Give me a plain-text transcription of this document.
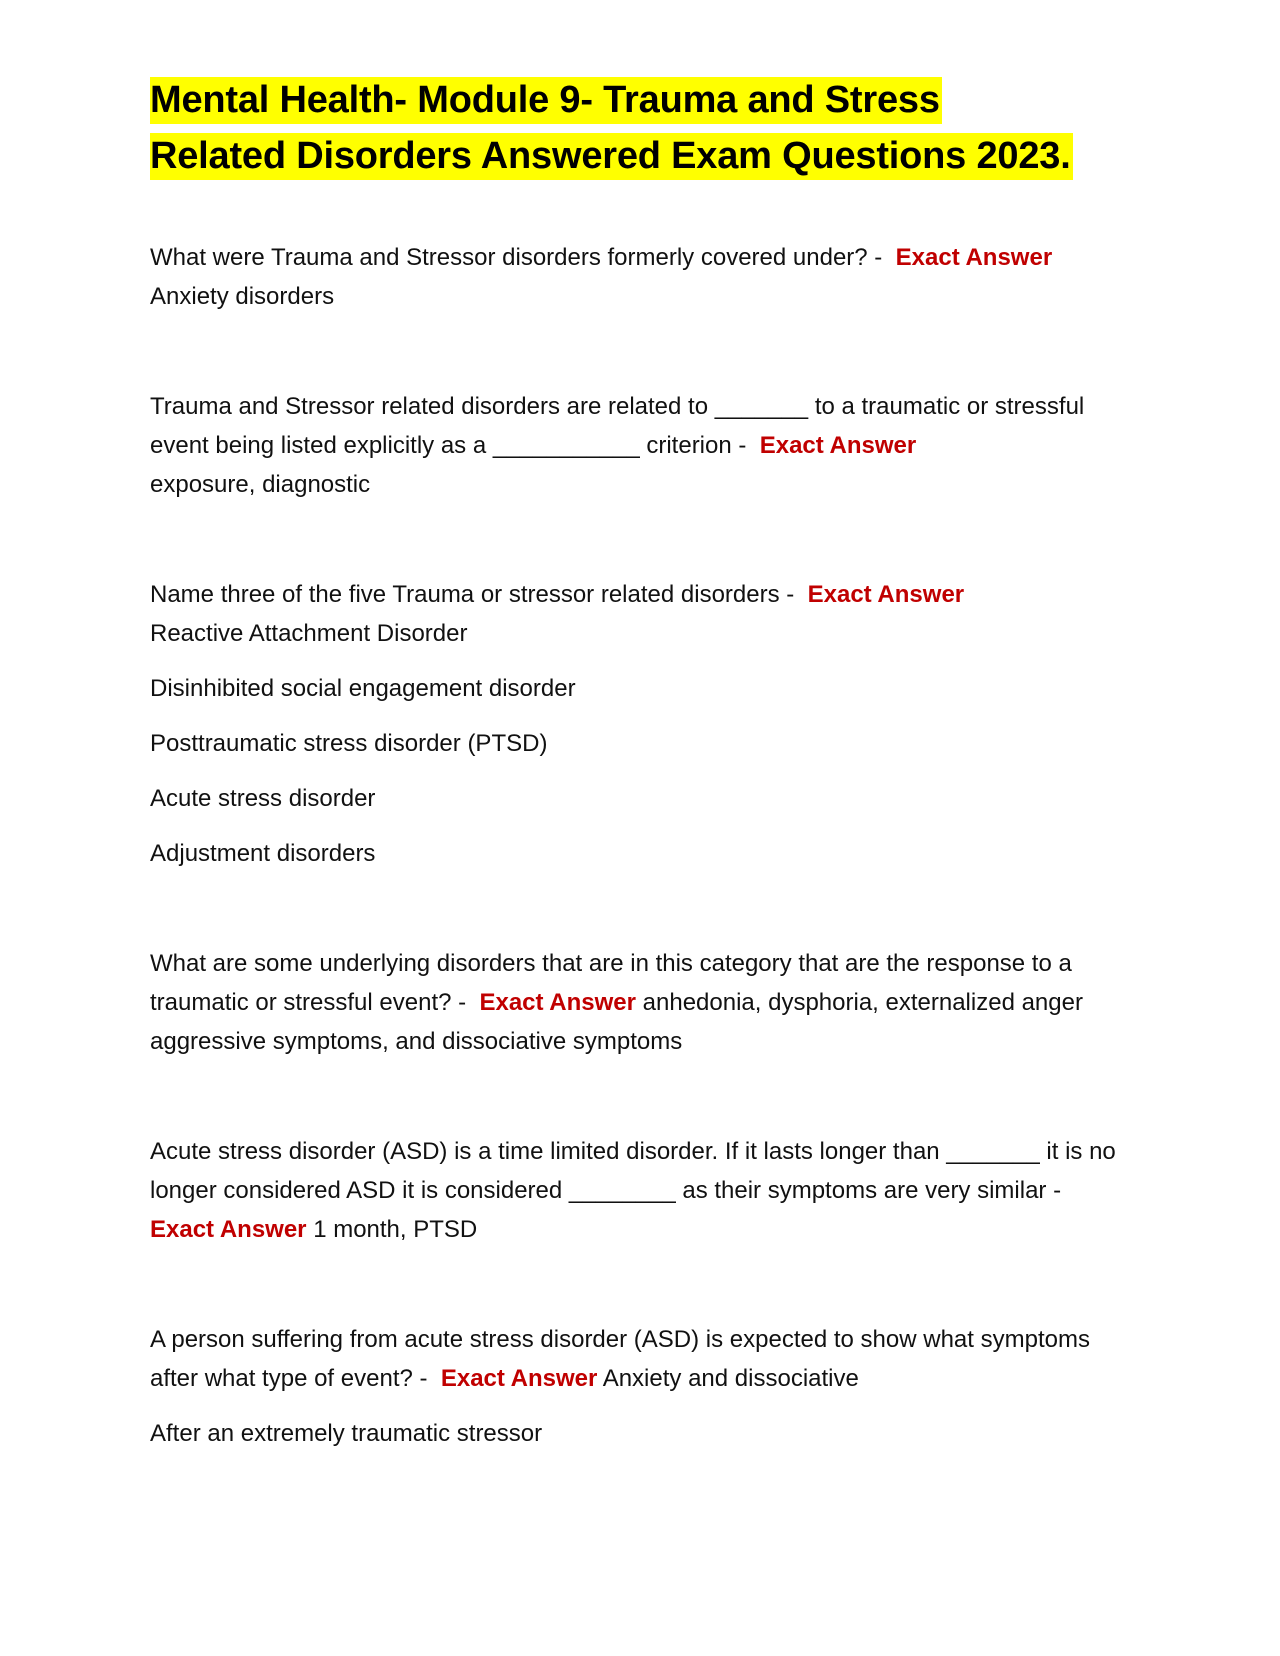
Mental Health- Module 9- Trauma and Stress
Related Disorders Answered Exam Questions 2023.

What were Trauma and Stressor disorders formerly covered under? - Exact Answer Anxiety disorders

Trauma and Stressor related disorders are related to _______ to a traumatic or stressful event being listed explicitly as a ___________ criterion - Exact Answer
exposure, diagnostic

Name three of the five Trauma or stressor related disorders - Exact Answer
Reactive Attachment Disorder

Disinhibited social engagement disorder

Posttraumatic stress disorder (PTSD)

Acute stress disorder

Adjustment disorders

What are some underlying disorders that are in this category that are the response to a traumatic or stressful event? - Exact Answer anhedonia, dysphoria, externalized anger aggressive symptoms, and dissociative symptoms

Acute stress disorder (ASD) is a time limited disorder. If it lasts longer than _______ it is no longer considered ASD it is considered ________ as their symptoms are very similar -  Exact Answer 1 month, PTSD

A person suffering from acute stress disorder (ASD) is expected to show what symptoms after what type of event? - Exact Answer Anxiety and dissociative

After an extremely traumatic stressor
